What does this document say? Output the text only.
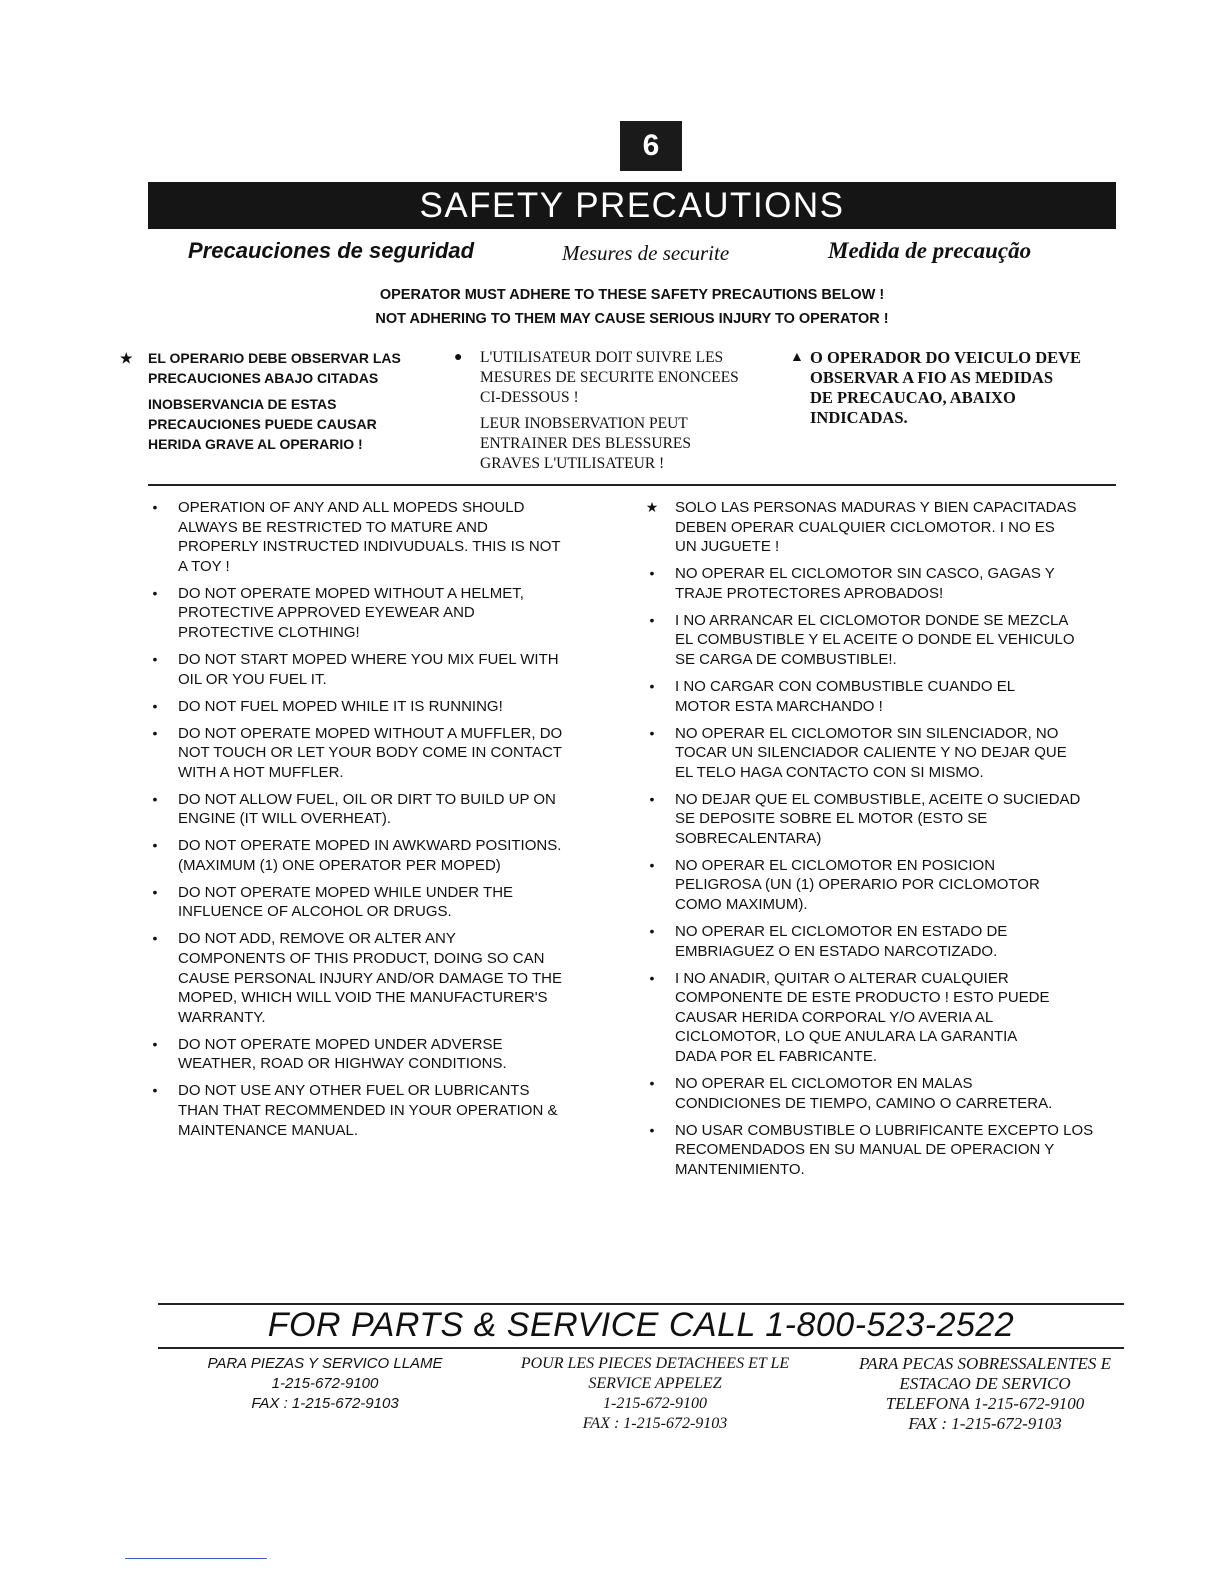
6
SAFETY PRECAUTIONS
Precauciones de seguridad	Mesures de securite	Medida de precaução
OPERATOR MUST ADHERE TO THESE SAFETY PRECAUTIONS BELOW !
NOT ADHERING TO THEM MAY CAUSE SERIOUS INJURY TO OPERATOR !
★ EL OPERARIO DEBE OBSERVAR LAS
PRECAUCIONES ABAJO CITADAS
INOBSERVANCIA DE ESTAS
PRECAUCIONES PUEDE CAUSAR
HERIDA GRAVE AL OPERARIO !
● L'UTILISATEUR DOIT SUIVRE LES
MESURES DE SECURITE ENONCEES
CI-DESSOUS !
LEUR INOBSERVATION PEUT
ENTRAINER DES BLESSURES
GRAVES L'UTILISATEUR !
▲ O OPERADOR DO VEICULO DEVE
OBSERVAR A FIO AS MEDIDAS
DE PRECAUCAO, ABAIXO
INDICADAS.
•	OPERATION OF ANY AND ALL MOPEDS SHOULD
ALWAYS BE RESTRICTED TO MATURE AND
PROPERLY INSTRUCTED INDIVUDUALS. THIS IS NOT
A TOY !
•	DO NOT OPERATE MOPED WITHOUT A HELMET,
PROTECTIVE APPROVED EYEWEAR AND
PROTECTIVE CLOTHING!
•	DO NOT START MOPED WHERE YOU MIX FUEL WITH
OIL OR YOU FUEL IT.
•	DO NOT FUEL MOPED WHILE IT IS RUNNING!
•	DO NOT OPERATE MOPED WITHOUT A MUFFLER, DO
NOT TOUCH OR LET YOUR BODY COME IN CONTACT
WITH A HOT MUFFLER.
•	DO NOT ALLOW FUEL, OIL OR DIRT TO BUILD UP ON
ENGINE (IT WILL OVERHEAT).
•	DO NOT OPERATE MOPED IN AWKWARD POSITIONS.
(MAXIMUM (1) ONE OPERATOR PER MOPED)
•	DO NOT OPERATE MOPED WHILE UNDER THE
INFLUENCE OF ALCOHOL OR DRUGS.
•	DO NOT ADD, REMOVE OR ALTER ANY
COMPONENTS OF THIS PRODUCT, DOING SO CAN
CAUSE PERSONAL INJURY AND/OR DAMAGE TO THE
MOPED, WHICH WILL VOID THE MANUFACTURER'S
WARRANTY.
•	DO NOT OPERATE MOPED UNDER ADVERSE
WEATHER, ROAD OR HIGHWAY CONDITIONS.
•	DO NOT USE ANY OTHER FUEL OR LUBRICANTS
THAN THAT RECOMMENDED IN YOUR OPERATION &
MAINTENANCE MANUAL.
★ SOLO LAS PERSONAS MADURAS Y BIEN CAPACITADAS
DEBEN OPERAR CUALQUIER CICLOMOTOR. I NO ES
UN JUGUETE !
•	NO OPERAR EL CICLOMOTOR SIN CASCO, GAGAS Y
TRAJE PROTECTORES APROBADOS!
•	I NO ARRANCAR EL CICLOMOTOR DONDE SE MEZCLA
EL COMBUSTIBLE Y EL ACEITE O DONDE EL VEHICULO
SE CARGA DE COMBUSTIBLE!.
•	I NO CARGAR CON COMBUSTIBLE CUANDO EL
MOTOR ESTA MARCHANDO !
•	NO OPERAR EL CICLOMOTOR SIN SILENCIADOR, NO
TOCAR UN SILENCIADOR CALIENTE Y NO DEJAR QUE
EL TELO HAGA CONTACTO CON SI MISMO.
•	NO DEJAR QUE EL COMBUSTIBLE, ACEITE O SUCIEDAD
SE DEPOSITE SOBRE EL MOTOR (ESTO SE
SOBRECALENTARA)
•	NO OPERAR EL CICLOMOTOR EN POSICION
PELIGROSA (UN (1) OPERARIO POR CICLOMOTOR
COMO MAXIMUM).
•	NO OPERAR EL CICLOMOTOR EN ESTADO DE
EMBRIAGUEZ O EN ESTADO NARCOTIZADO.
•	I NO ANADIR, QUITAR O ALTERAR CUALQUIER
COMPONENTE DE ESTE PRODUCTO ! ESTO PUEDE
CAUSAR HERIDA CORPORAL Y/O AVERIA AL
CICLOMOTOR, LO QUE ANULARA LA GARANTIA
DADA POR EL FABRICANTE.
•	NO OPERAR EL CICLOMOTOR EN MALAS
CONDICIONES DE TIEMPO, CAMINO O CARRETERA.
•	NO USAR COMBUSTIBLE O LUBRIFICANTE EXCEPTO LOS
RECOMENDADOS EN SU MANUAL DE OPERACION Y
MANTENIMIENTO.
FOR PARTS & SERVICE CALL 1-800-523-2522
PARA PIEZAS Y SERVICO LLAME
1-215-672-9100
FAX : 1-215-672-9103
POUR LES PIECES DETACHEES ET LE
SERVICE APPELEZ
1-215-672-9100
FAX : 1-215-672-9103
PARA PECAS SOBRESSALENTES E
ESTACAO DE SERVICO
TELEFONA 1-215-672-9100
FAX : 1-215-672-9103
